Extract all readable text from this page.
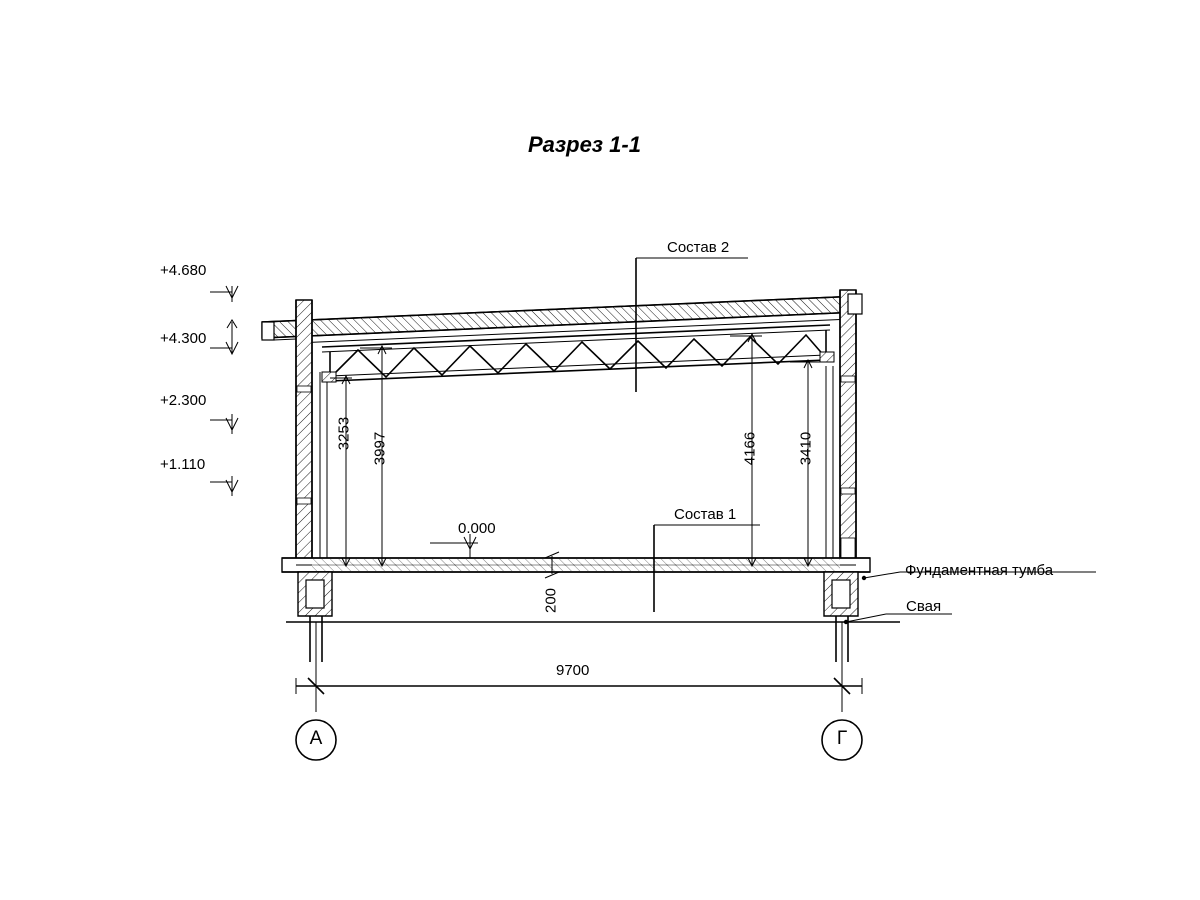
Разрез 1-1
+4.680
+4.300
+2.300
+1.110
0.000
Состав 2
Состав 1
Фундаментная тумба
Свая
3253 3997	4166	3410
200
9700
А	Г
